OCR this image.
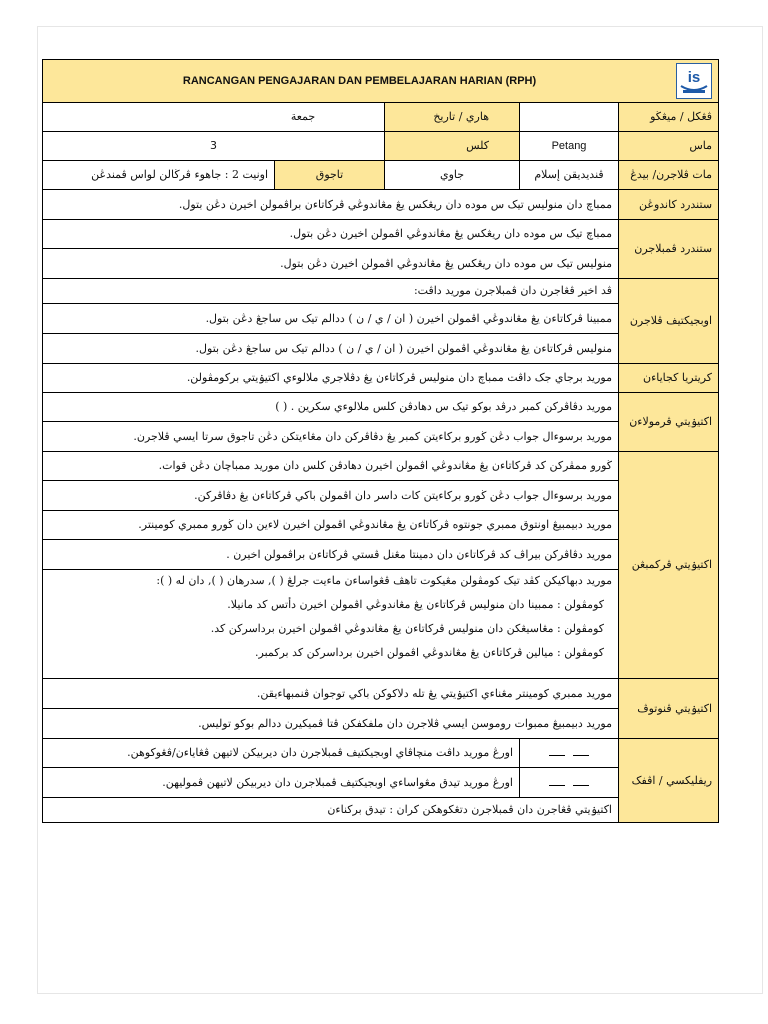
RANCANGAN PENGAJARAN DAN PEMBELAJARAN HARIAN (RPH) is				

جمعة		هاري / تاريخ		ڤڠكل / ميڠڬو
3		كلس	Petang	ماس
اونيت 2 : جاهوء ڤرڬالن لواس ڤمندڠن	تاجوق	جاوي	ڤنديديقن إسلام	مات ڤلاجرن/ بيدڠ
ممباچ دان منوليس تيک س موده دان ريڠكس يڠ مڠاندوڠي ڤركاتاءن براڤمولن اخيرن دڠن بتول.				ستندرد كاندوڠن
ممباچ تيک س موده دان ريڠكس يڠ مڠاندوڠي اڤمولن اخيرن دڠن بتول.				ستندرد ڤمبلاجرن
منوليس تيک س موده دان ريڠكس يڠ مڠاندوڠي اڤمولن اخيرن دڠن بتول.				
ڤد اخير ڤڠاجرن دان ڤمبلاجرن موريد داڤت:				اوبجيکتيف ڤلاجرن
ممبينا ڤرکاتاءن يڠ مڠاندوڠي اڤمولن اخيرن ( ان / ي / ن ) ددالم تيک س ساجڠ دڠن بتول.				
منوليس ڤرکاتاءن يڠ مڠاندوڠي اڤمولن اخيرن ( ان / ي / ن ) ددالم تيک س ساجڠ دڠن بتول.				
موريد برجاي جک داڤت ممباچ دان منوليس ڤرکاتاءن يڠ دڤلاجري ملالوءي اکتيۏيتي برکومڤولن.				کريتريا کجاياءن
موريد دڤاڤرکن کمبر درڤد بوکو تيک س دهادڤن کلس ملالوءي سکرين . ( )				اکتيۏيتي ڤرمولاءن
موريد برسوءال جواب دڠن ڬورو برکاءيتن کمبر يڠ دڤاڤرکن دان مڠاءيتکن دڠن تاجوق سرتا ايسي ڤلاجرن.				
ڬورو ممڤرکن کد ڤرکاتاءن يڠ مڠاندوڠي اڤمولن اخيرن دهادڤن کلس دان موريد ممباچان دڠن قوات.				اکتيۏيتي ڤرکمبڠن
موريد برسوءال جواب دڠن ڬورو برکاءيتن کات داسر دان اڤمولن باکي ڤرکاتاءن يڠ دڤاڤرکن.				
موريد دبيمبيڠ اونتوق ممبري جونتوه ڤرکاتاءن يڠ مڠاندوڠي اڤمولن اخيرن لاءين دان ڬورو ممبري کومينتر.				
موريد دڤاڤرکن بيراڤ کد ڤرکاتاءن دان دمينتا مڠنل ڤستي ڤرکاتاءن براڤمولن اخيرن .				

موريد دبهاکيکن کڤد تيک کومڤولن مڠيکوت تاهڤ ڤڠواساءن ماءيت جرلڠ ( ), سدرهان ( ), دان له ( ):
کومڤولن : ممبينا دان منوليس ڤرکاتاءن يڠ مڠاندوڠي اڤمولن اخيرن دأتس کد مانيلا.
کومڤولن : مڠاسيڠکن دان منوليس ڤرکاتاءن يڠ مڠاندوڠي اڤمولن اخيرن برداسرکن کد.
کومڤولن : ميالين ڤرکاتاءن يڠ مڠاندوڠي اڤمولن اخيرن برداسرکن کد برکمبر.				

موريد ممبري کومينتر مڠناءي اکتيۏيتي يڠ تله دلاکوکن باکي توجوان ڤنمبهاءيقن.				اکتيۏيتي ڤنوتوڤ
موريد دبيمبيڠ ممبوات روموسن ايسي ڤلاجرن دان ملفکفکن ڤتا ڤميکيرن ددالم بوکو توليس.				
اورڠ موريد داڤت منچاڤاي اوبجيکتيف ڤمبلاجرن دان ديربيکن لاتيهن ڤڠاياءن/ڤڠوکوهن.				ريفليکسي / اڤفک
اورڠ موريد تيدق مڠواساءي اوبجيکتيف ڤمبلاجرن دان ديربيکن لاتيهن ڤموليهن.				
اکتيۏيتي ڤڠاجرن دان ڤمبلاجرن دتڠکوهکن کران : تيدق برکناءن				
